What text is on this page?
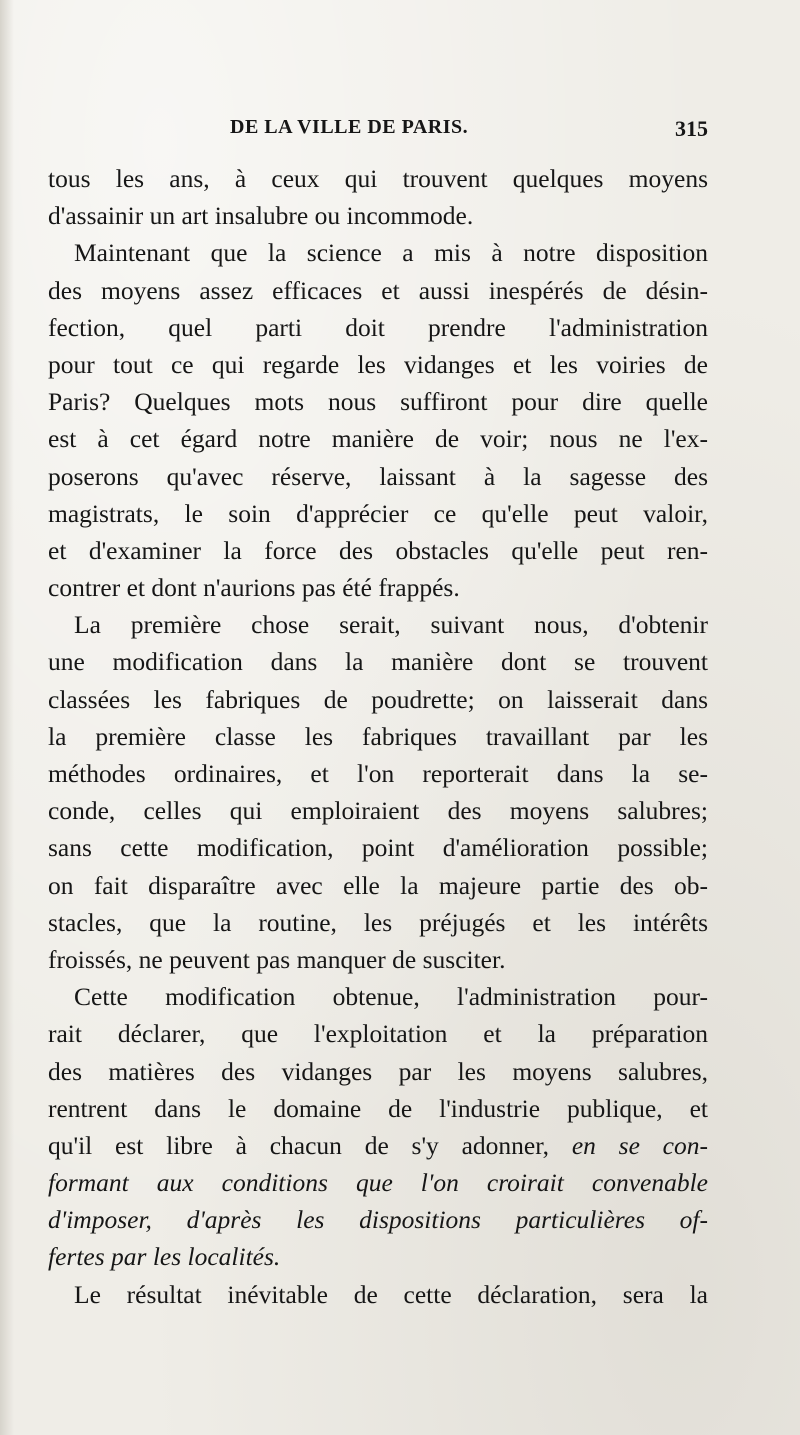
DE LA VILLE DE PARIS.	315
tous les ans, à ceux qui trouvent quelques moyens
d'assainir un art insalubre ou incommode.
Maintenant que la science a mis à notre disposition
des moyens assez efficaces et aussi inespérés de désin-
fection, quel parti doit prendre l'administration
pour tout ce qui regarde les vidanges et les voiries de
Paris? Quelques mots nous suffiront pour dire quelle
est à cet égard notre manière de voir; nous ne l'ex-
poserons qu'avec réserve, laissant à la sagesse des
magistrats, le soin d'apprécier ce qu'elle peut valoir,
et d'examiner la force des obstacles qu'elle peut ren-
contrer et dont n'aurions pas été frappés.
La première chose serait, suivant nous, d'obtenir
une modification dans la manière dont se trouvent
classées les fabriques de poudrette; on laisserait dans
la première classe les fabriques travaillant par les
méthodes ordinaires, et l'on reporterait dans la se-
conde, celles qui emploiraient des moyens salubres;
sans cette modification, point d'amélioration possible;
on fait disparaître avec elle la majeure partie des ob-
stacles, que la routine, les préjugés et les intérêts
froissés, ne peuvent pas manquer de susciter.
Cette modification obtenue, l'administration pour-
rait déclarer, que l'exploitation et la préparation
des matières des vidanges par les moyens salubres,
rentrent dans le domaine de l'industrie publique, et
qu'il est libre à chacun de s'y adonner, en se con-
formant aux conditions que l'on croirait convenable
d'imposer, d'après les dispositions particulières of-
fertes par les localités.
Le résultat inévitable de cette déclaration, sera la
